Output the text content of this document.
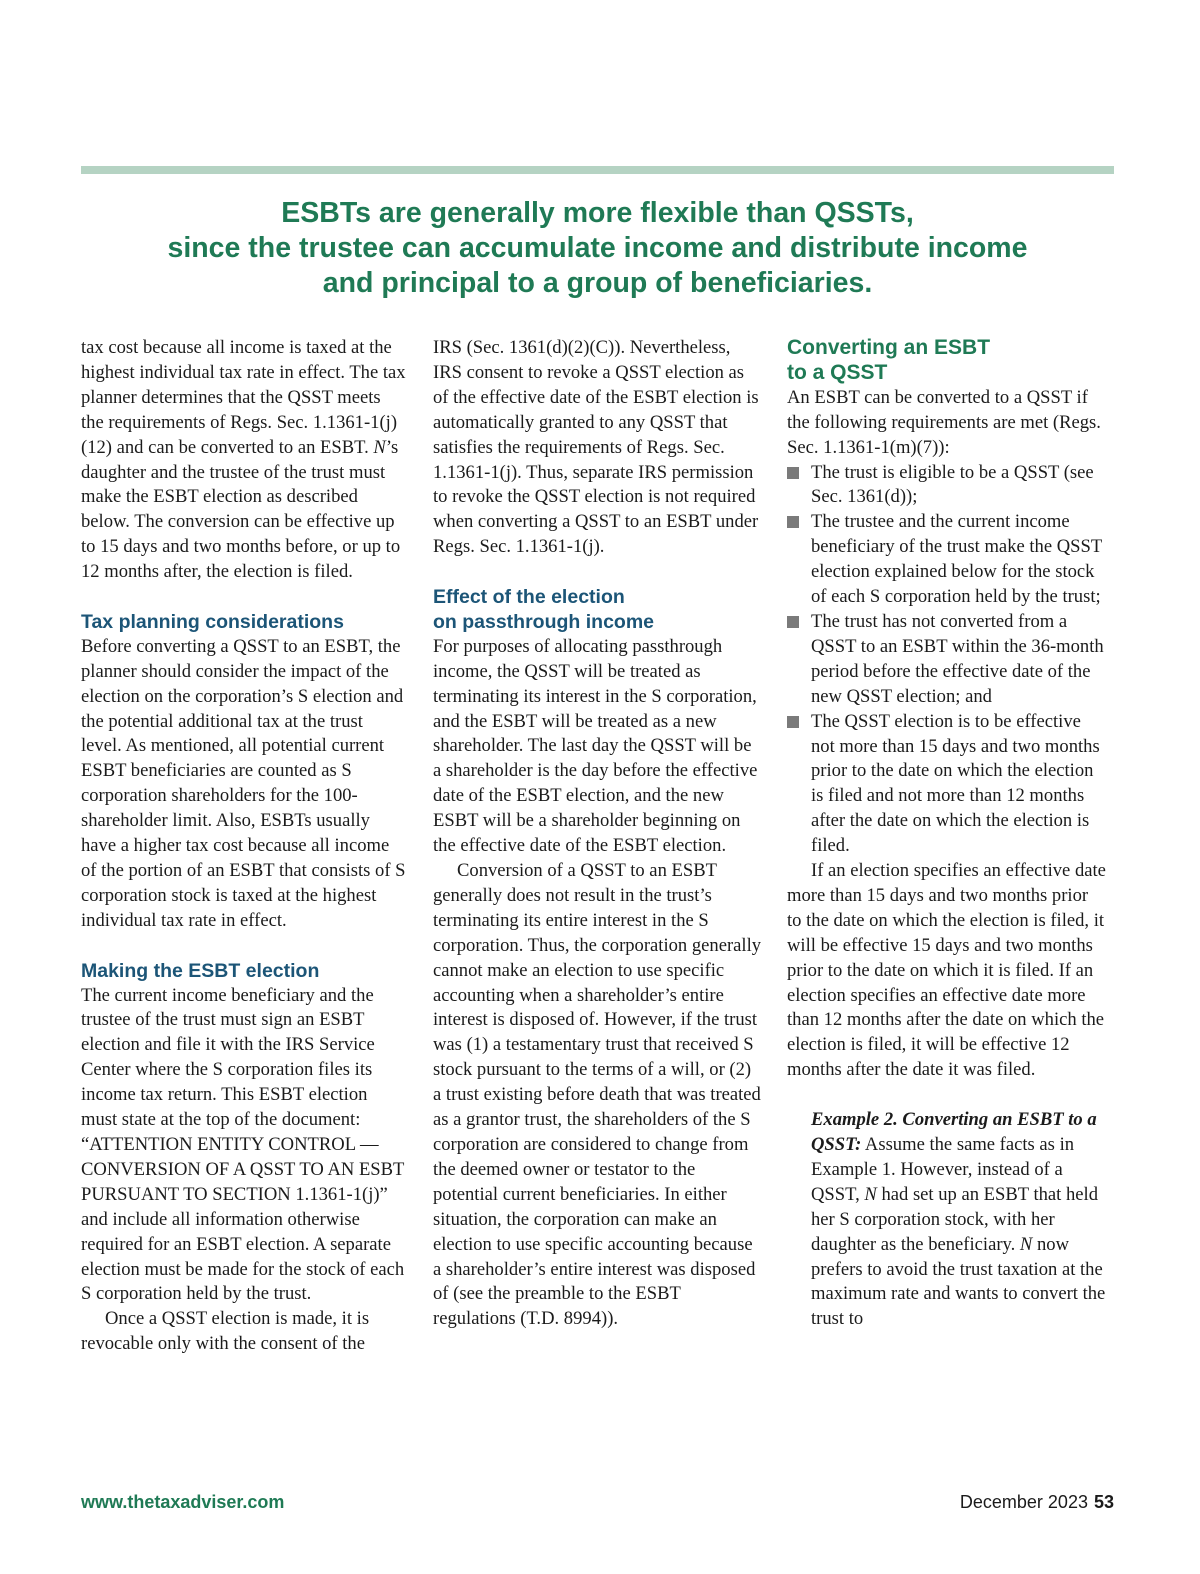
ESBTs are generally more flexible than QSSTs,
since the trustee can accumulate income and distribute income
and principal to a group of beneficiaries.

tax cost because all income is taxed at the highest individual tax rate in effect. The tax planner determines that the QSST meets the requirements of Regs. Sec. 1.1361-1(j)(12) and can be converted to an ESBT. N’s daughter and the trustee of the trust must make the ESBT election as described below. The conversion can be effective up to 15 days and two months before, or up to 12 months after, the election is filed.

Tax planning considerations

Before converting a QSST to an ESBT, the planner should consider the impact of the election on the corporation’s S election and the potential additional tax at the trust level. As mentioned, all potential current ESBT beneficiaries are counted as S corporation shareholders for the 100-shareholder limit. Also, ESBTs usually have a higher tax cost because all income of the portion of an ESBT that consists of S corporation stock is taxed at the highest individual tax rate in effect.

Making the ESBT election

The current income beneficiary and the trustee of the trust must sign an ESBT election and file it with the IRS Service Center where the S corporation files its income tax return. This ESBT election must state at the top of the document: “ATTENTION ENTITY CONTROL — CONVERSION OF A QSST TO AN ESBT PURSUANT TO SECTION 1.1361-1(j)” and include all information otherwise required for an ESBT election. A separate election must be made for the stock of each S corporation held by the trust.

Once a QSST election is made, it is revocable only with the consent of the

IRS (Sec. 1361(d)(2)(C)). Nevertheless, IRS consent to revoke a QSST election as of the effective date of the ESBT election is automatically granted to any QSST that satisfies the requirements of Regs. Sec. 1.1361-1(j). Thus, separate IRS permission to revoke the QSST election is not required when converting a QSST to an ESBT under Regs. Sec. 1.1361-1(j).

Effect of the election
on passthrough income

For purposes of allocating passthrough income, the QSST will be treated as terminating its interest in the S corporation, and the ESBT will be treated as a new shareholder. The last day the QSST will be a shareholder is the day before the effective date of the ESBT election, and the new ESBT will be a shareholder beginning on the effective date of the ESBT election.

Conversion of a QSST to an ESBT generally does not result in the trust’s terminating its entire interest in the S corporation. Thus, the corporation generally cannot make an election to use specific accounting when a shareholder’s entire interest is disposed of. However, if the trust was (1) a testamentary trust that received S stock pursuant to the terms of a will, or (2) a trust existing before death that was treated as a grantor trust, the shareholders of the S corporation are considered to change from the deemed owner or testator to the potential current beneficiaries. In either situation, the corporation can make an election to use specific accounting because a shareholder’s entire interest was disposed of (see the preamble to the ESBT regulations (T.D. 8994)).

Converting an ESBT
to a QSST

An ESBT can be converted to a QSST if the following requirements are met (Regs. Sec. 1.1361-1(m)(7)):

The trust is eligible to be a QSST (see Sec. 1361(d));
The trustee and the current income beneficiary of the trust make the QSST election explained below for the stock of each S corporation held by the trust;
The trust has not converted from a QSST to an ESBT within the 36-month period before the effective date of the new QSST election; and
The QSST election is to be effective not more than 15 days and two months prior to the date on which the election is filed and not more than 12 months after the date on which the election is filed.

If an election specifies an effective date more than 15 days and two months prior to the date on which the election is filed, it will be effective 15 days and two months prior to the date on which it is filed. If an election specifies an effective date more than 12 months after the date on which the election is filed, it will be effective 12 months after the date it was filed.

Example 2. Converting an ESBT to a QSST: Assume the same facts as in Example 1. However, instead of a QSST, N had set up an ESBT that held her S corporation stock, with her daughter as the beneficiary. N now prefers to avoid the trust taxation at the maximum rate and wants to convert the trust to

www.thetaxadviser.com	December 2023 53
